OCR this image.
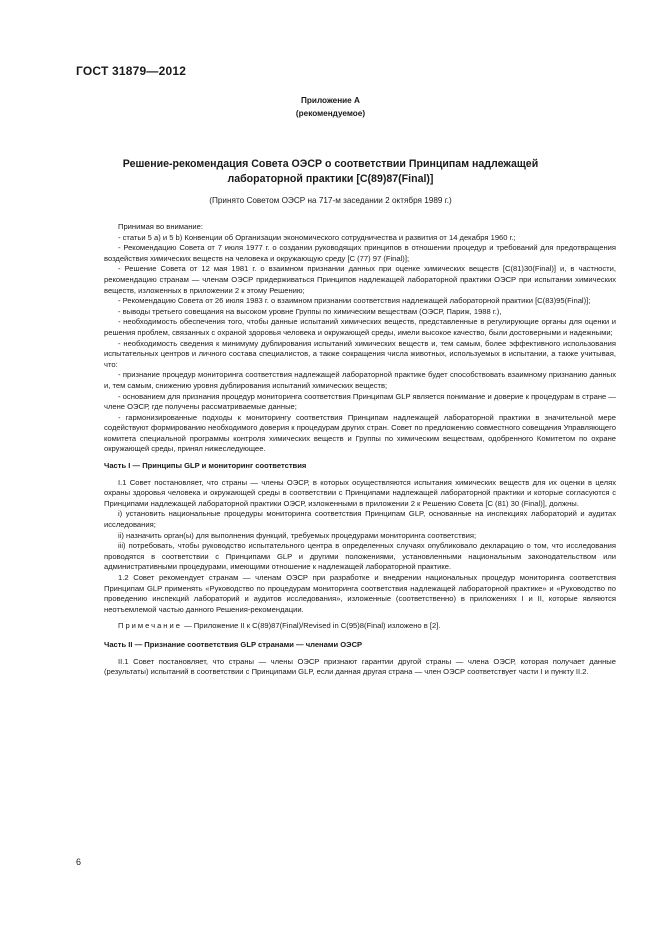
ГОСТ 31879—2012
Приложение А
(рекомендуемое)
Решение-рекомендация Совета ОЭСР о соответствии Принципам надлежащей лабораторной практики [C(89)87(Final)]
(Принято Советом ОЭСР на 717-м заседании 2 октября 1989 г.)

Принимая во внимание:

- статьи 5 a) и 5 b) Конвенции об Организации экономического сотрудничества и развития от 14 декабря 1960 г.;

- Рекомендацию Совета от 7 июля 1977 г. о создании руководящих принципов в отношении процедур и требований для предотвращения воздействия химических веществ на человека и окружающую среду [C (77) 97 (Final)];

- Решение Совета от 12 мая 1981 г. о взаимном признании данных при оценке химических веществ [C(81)30(Final)] и, в частности, рекомендацию странам — членам ОЭСР придерживаться Принципов надлежащей лабораторной практики ОЭСР при испытании химических веществ, изложенных в приложении 2 к этому Решению;

- Рекомендацию Совета от 26 июля 1983 г. о взаимном признании соответствия надлежащей лабораторной практики [C(83)95(Final)];

- выводы третьего совещания на высоком уровне Группы по химическим веществам (ОЭСР, Париж, 1988 г.),

- необходимость обеспечения того, чтобы данные испытаний химических веществ, представленные в регулирующие органы для оценки и решения проблем, связанных с охраной здоровья человека и окружающей среды, имели высокое качество, были достоверными и надежными;

- необходимость сведения к минимуму дублирования испытаний химических веществ и, тем самым, более эффективного использования испытательных центров и личного состава специалистов, а также сокращения числа животных, используемых в испытании, а также учитывая, что:

- признание процедур мониторинга соответствия надлежащей лабораторной практике будет способствовать взаимному признанию данных и, тем самым, снижению уровня дублирования испытаний химических веществ;

- основанием для признания процедур мониторинга соответствия Принципам GLP является понимание и доверие к процедурам в стране — члене ОЭСР, где получены рассматриваемые данные;

- гармонизированные подходы к мониторингу соответствия Принципам надлежащей лабораторной практики в значительной мере содействуют формированию необходимого доверия к процедурам других стран. Совет по предложению совместного совещания Управляющего комитета специальной программы контроля химических веществ и Группы по химическим веществам, одобренного Комитетом по охране окружающей среды, принял нижеследующее.

Часть I — Принципы GLP и мониторинг соответствия

I.1 Совет постановляет, что страны — члены ОЭСР, в которых осуществляются испытания химических веществ для их оценки в целях охраны здоровья человека и окружающей среды в соответствии с Принципами надлежащей лабораторной практики и которые согласуются с Принципами надлежащей лабораторной практики ОЭСР, изложенными в приложении 2 к Решению Совета [C (81) 30 (Final)], должны.

i) установить национальные процедуры мониторинга соответствия Принципам GLP, основанные на инспекциях лабораторий и аудитах исследования;

ii) назначить орган(ы) для выполнения функций, требуемых процедурами мониторинга соответствия;

iii) потребовать, чтобы руководство испытательного центра в определенных случаях опубликовало декларацию о том, что исследования проводятся в соответствии с Принципами GLP и другими положениями, установленными национальным законодательством или административными процедурами, имеющими отношение к надлежащей лабораторной практике.

1.2 Совет рекомендует странам — членам ОЭСР при разработке и внедрении национальных процедур мониторинга соответствия Принципам GLP применять «Руководство по процедурам мониторинга соответствия надлежащей лабораторной практике» и «Руководство по проведению инспекций лабораторий и аудитов исследования», изложенные (соответственно) в приложениях I и II, которые являются неотъемлемой частью данного Решения-рекомендации.

Примечание — Приложение II к C(89)87(Final)/Revised in C(95)8(Final) изложено в [2].

Часть II — Признание соответствия GLP странами — членами ОЭСР

II.1 Совет постановляет, что страны — члены ОЭСР признают гарантии другой страны — члена ОЭСР, которая получает данные (результаты) испытаний в соответствии с Принципами GLP, если данная другая страна — член ОЭСР соответствует части I и пункту II.2.

6
